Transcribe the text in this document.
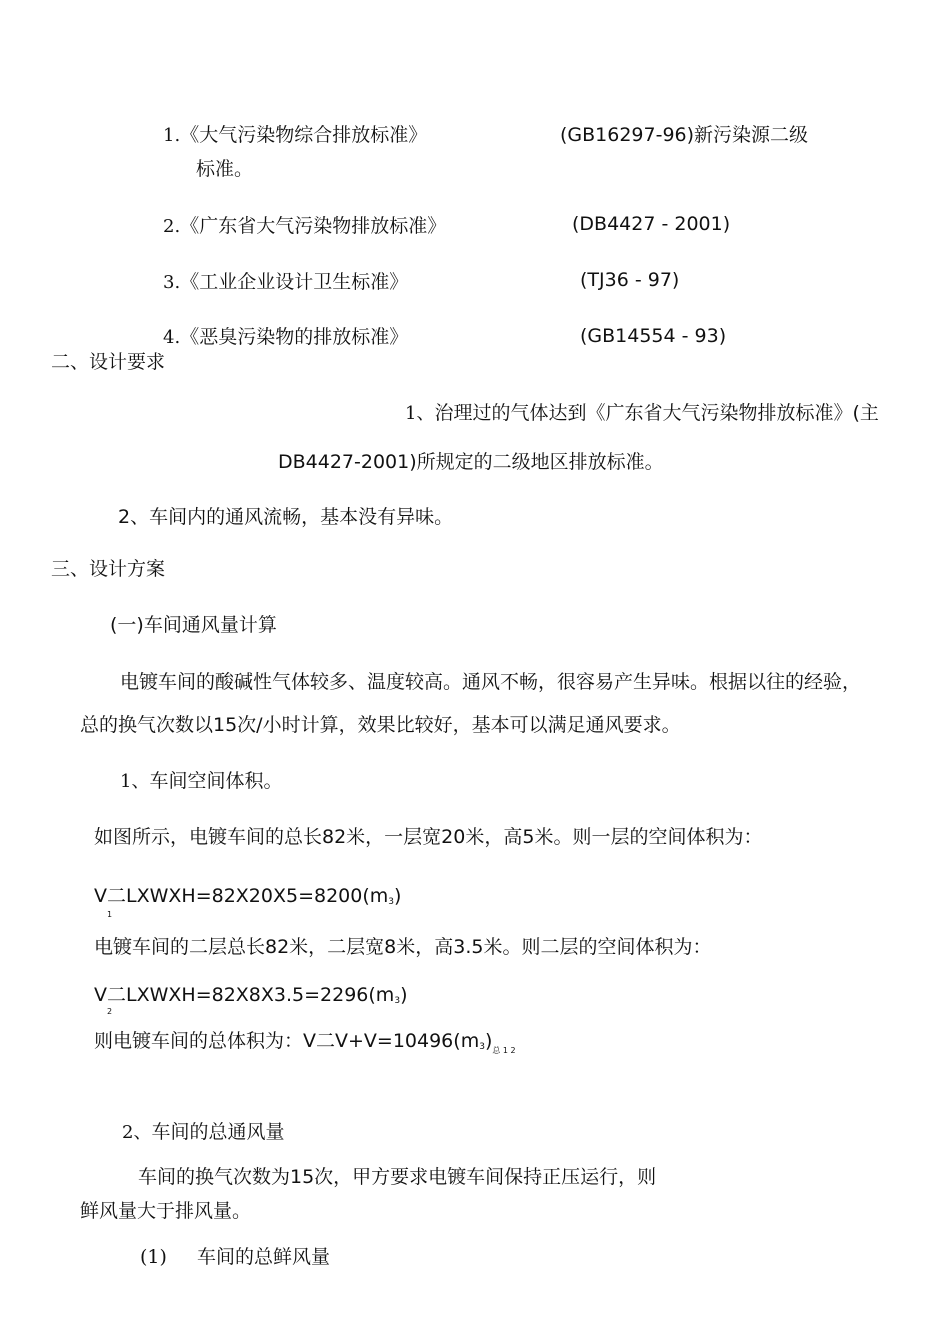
1.《大气污染物综合排放标准》	(GB16297-96)新污染源二级
标准。
2.《广东省大气污染物排放标准》	(DB4427 - 2001)
3.《工业企业设计卫生标准》	(TJ36 - 97)
4.《恶臭污染物的排放标准》	(GB14554 - 93)
二、设计要求
1、治理过的气体达到《广东省大气污染物排放标准》(主
DB4427-2001)所规定的二级地区排放标准。
2、车间内的通风流畅，基本没有异味。
三、设计方案
(一)车间通风量计算
电镀车间的酸碱性气体较多、温度较高。通风不畅，很容易产生异味。根据以往的经验，
总的换气次数以15次/小时计算，效果比较好，基本可以满足通风要求。
1、车间空间体积。
如图所示，电镀车间的总长82米，一层宽20米，高5米。则一层的空间体积为：
V二LXWXH=82X20X5=8200(m3)
1
电镀车间的二层总长82米，二层宽8米，高3.5米。则二层的空间体积为：
V二LXWXH=82X8X3.5=2296(m3)
2
则电镀车间的总体积为：V二$V+V=10496(m3)_{总 1 2}$
2、车间的总通风量
车间的换气次数为15次，甲方要求电镀车间保持正压运行，则
鲜风量大于排风量。
(1) 车间的总鲜风量
